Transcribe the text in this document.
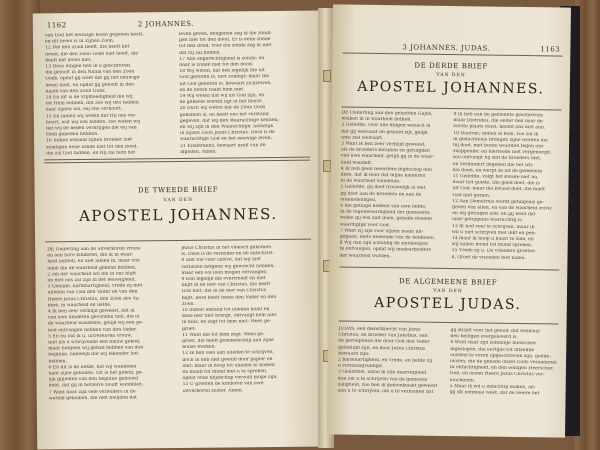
1162	2 JOHANNES.
van God het eeuwige leven gegeven heeft,
en dit leven is in Zijnen Zoon.
12 Die den Zoon heeft, die heeft het
leven; die den Zoon Gods niet heeft, die
heeft het leven niet.
13 Deze dingen heb ik u geschreven,
die gelooft in den Naam van den Zoon
Gods, opdat gij weet dat gij het eeuwige
leven hebt, en opdat gij gelooft in den
naam van den Zoon Gods.
14 En dit is de vrijmoedigheid die wij
tot Hem hebben, dat zoo wij iets bidden
naar zijnen wil, Hij ons verhoort.
15 En indien wij weten dat Hij ons ver-
hoort, wat wij ook bidden, zoo weten wij
dat wij de beden verkrijgen die wij van
Hem gebeden hebben.
16 Indien iemand zijnen broeder ziet
zondigen eene zonde niet tot den dood,
die zal God bidden, en Hij zal hem het
leven geven, dengenen zeg ik die zondi-
gen niet tot den dood. Er is eene zonde
tot den dood; voor die zonde zeg ik niet
dat hij zal bidden.
17 Alle ongerechtigheid is zonde; en
daar is zonde niet tot den dood.
18 Wij weten, dat een iegelijk die uit
God geboren is, niet zondigt; maar die
uit God geboren is, bewaart zichzelven,
en de booze raakt hem niet.
19 Wij weten dat wij uit God zijn, en
de geheele wereld ligt in het booze.
20 Doch wij weten dat de Zoon Gods
gekomen is, en heeft ons het verstand
gegeven, dat wij den Waarachtige kennen;
en wij zijn in den Waarachtige, namelijk
in zijnen Zoon Jezus Christus. Deze is de
waarachtige God en het eeuwige leven.
21 Kinderkens, bewaart uzelf van de
afgoden. Amen.
DE TWEEDE BRIEF
VAN DEN
APOSTEL JOHANNES.
DE Ouderling aan de uitverkoren vrouw
en aan hare kinderen, die ik in waar-
heid liefheb, en niet alleen ik, maar ook
allen die de waarheid gekend hebben,
2 om der waarheid wil die in ons blijft
en met ons zal zijn in der eeuwigheid.
3 Genade, barmhartigheid, vrede zij met
ulieden van God den Vader en van den
Heere Jezus Christus, den Zoon des Va-
ders, in waarheid en liefde.
4 Ik ben zeer verblijd geweest, dat ik
van uwe kinderen gevonden heb, die in
de waarheid wandelen, gelijk wij een ge-
bod ontvangen hebben van den Vader.
5 En nu bid ik u, uitverkoren vrouw,
niet als u schrijvende een nieuw gebod,
maar hetgeen wij gehad hebben van den
beginne, namelijk dat wij elkander lief-
hebben.
6 En dit is de liefde, dat wij wandelen
naar zijne geboden. Dit is het gebod, ge-
lijk gijlieden van den beginne gehoord
hebt, dat gij in hetzelve zoudt wandelen.
7 Want daar zijn vele verleiders in de
wereld gekomen, die niet belijden dat
Jezus Christus in het vleesch gekomen
is. Deze is de verleider en de antichrist.
8 Ziet toe voor uzelve, dat wij niet
verliezen hetgeen wij gewrocht hebben,
maar een vol loon mogen ontvangen.
9 Een iegelijk die overtreedt en niet
blijft in de leer van Christus, die heeft
God niet; die in de leer van Christus
blijft, deze heeft beide den Vader en den
Zoon.
10 Indien iemand tot ulieden komt en
deze leer niet brengt, ontvangt hem niet
in huis, en zegt tot hem niet: Wees ge-
groet.
11 Want die tot hem zegt: Wees ge-
groet, die heeft gemeenschap aan zijne
booze werken.
12 Ik heb veel aan ulieden te schrijven,
doch ik heb niet gewild door papier en
inkt; maar ik hoop tot ulieden te komen
en mond tot mond met u te spreken,
opdat onze blijdschap vervuld moge zijn.
13 U groeten de kinderen van uwe
uitverkoren zuster. Amen.
3 JOHANNES. JUDAS.	1163
DE DERDE BRIEF
VAN DEN
APOSTEL JOHANNES.
DE Ouderling aan den geliefden Gajus,
welken ik in waarheid liefheb.
2 Geliefde, vóór alle dingen wensch ik
dat gij welvaart en gezond zijt, gelijk
uwe ziel welvaart.
3 Want ik ben zeer verblijd geweest,
als de broeders kwamen en getuigden
van uwe waarheid, gelijk gij in de waar-
heid wandelt.
4 Ik heb geen meerdere blijdschap dan
deze, dat ik hoor dat mijne kinderen
in de waarheid wandelen.
5 Geliefde, gij doet trouwelijk al wat
gij doet aan de broeders en aan de
vreemdelingen,
6 die getuigd hebben van uwe liefde,
in de tegenwoordigheid der gemeente;
welke gij wel zult doen, geleide doende
waardiglijk voor God.
7 Want zij zijn voor zijnen naam uit-
gegaan, niets nemende van de heidenen.
8 Wij dan zijn schuldig de zoodanigen
te ontvangen, opdat wij medearbeiders
der waarheid worden.
9 Ik heb aan de gemeente geschreven;
maar Diotrefes, die onder hen naar de
eerste plaats staat, neemt ons niet aan.
10 Daarom, indien ik kom, zoo zal ik
in gedachtenis brengen zijne werken die
hij doet, met booze woorden tegen ons
snappende; en hiermede niet vergenoegd,
zoo ontvangt hij zelf de broeders niet,
en verhindert degenen die het wil-
len doen, en werpt ze uit de gemeente.
11 Geliefde, volgt het kwade niet na,
maar het goede. Die goed doet, die is
uit God; maar die kwaad doet, die heeft
God niet gezien.
12 Aan Demetrius wordt getuigenis ge-
geven van allen, en van de waarheid zelve;
en wij getuigen ook; en gij weet dat
onze getuigenis waarachtig is.
13 Ik had veel te schrijven, maar ik
wil u niet schrijven met inkt en pen;
14 maar ik hoop u haast te zien, en
wij zullen mond tot mond spreken.
15 Vrede zij u. De vrienden groeten
u. Groet de vrienden met name.
DE ALGEMEENE BRIEF
VAN DEN
APOSTEL JUDAS.
JUDAS, een dienstknecht van Jezus
Christus, en broeder van Jakobus, aan
de geroepenen die door God den Vader
geheiligd zijn, en door Jezus Christus
bewaard zijn:
2 barmhartigheid, en vrede, en liefde zij
u vermenigvuldigd.
3 Geliefden, alzoo ik alle naarstigheid
doe om u te schrijven van de gemeene
zaligheid, zoo ben ik genoodzaakt geweest
aan u te schrijven, om u te vermanen dat
gij strijdt voor het geloof, dat eenmaal
den heiligen overgeleverd is.
4 Want daar zijn sommige menschen
ingeslopen, die eertijds tot ditzelfde
oordeel te voren opgeschreven zijn, godde-
loozen, die de genade onzes Gods veranderen
in ontuchtigheid, en den eenigen Heerscher,
God, en onzen Heere Jezus Christus ver-
loochenen.
5 Maar ik wil u indachtig maken, als
gij dit eenmaal weet, dat de Heere het
